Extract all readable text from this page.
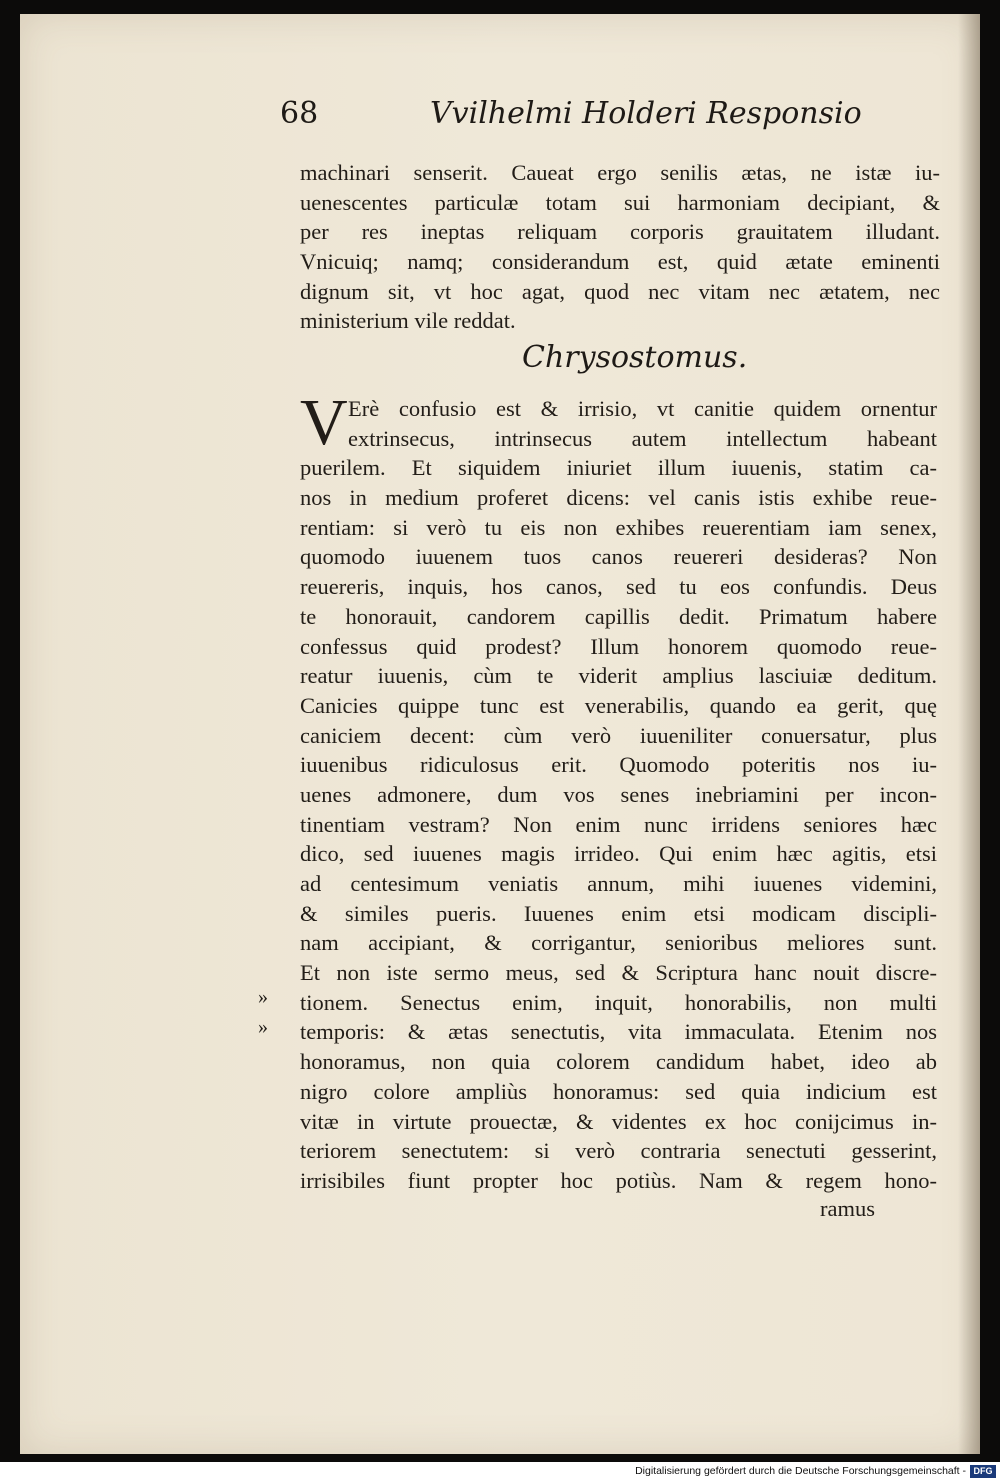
68	Vvilhelmi Holderi Responsio
machinari senserit. Caueat ergo senilis ætas, ne istæ iu-
uenescentes particulæ totam sui harmoniam decipiant, &
per res ineptas reliquam corporis grauitatem illudant.
Vnicuiq; namq; considerandum est, quid ætate eminenti
dignum sit, vt hoc agat, quod nec vitam nec ætatem, nec
ministerium vile reddat.
Chrysostomus.
V Erè confusio est & irrisio, vt canitie quidem ornentur
extrinsecus, intrinsecus autem intellectum habeant
puerilem. Et siquidem iniuriet illum iuuenis, statim ca-
nos in medium proferet dicens: vel canis istis exhibe reue-
rentiam: si verò tu eis non exhibes reuerentiam iam senex,
quomodo iuuenem tuos canos reuereri desideras? Non
reuereris, inquis, hos canos, sed tu eos confundis. Deus
te honorauit, candorem capillis dedit. Primatum habere
confessus quid prodest? Illum honorem quomodo reue-
reatur iuuenis, cùm te viderit amplius lasciuiæ deditum.
Canicies quippe tunc est venerabilis, quando ea gerit, quę
caniciem decent: cùm verò iuueniliter conuersatur, plus
iuuenibus ridiculosus erit. Quomodo poteritis nos iu-
uenes admonere, dum vos senes inebriamini per incon-
tinentiam vestram? Non enim nunc irridens seniores hæc
dico, sed iuuenes magis irrideo. Qui enim hæc agitis, etsi
ad centesimum veniatis annum, mihi iuuenes videmini,
& similes pueris. Iuuenes enim etsi modicam discipli-
nam accipiant, & corrigantur, senioribus meliores sunt.
Et non iste sermo meus, sed & Scriptura hanc nouit discre-
tionem. Senectus enim, inquit, honorabilis, non multi
temporis: & ætas senectutis, vita immaculata. Etenim nos
honoramus, non quia colorem candidum habet, ideo ab
nigro colore ampliùs honoramus: sed quia indicium est
vitæ in virtute prouectæ, & videntes ex hoc conijcimus in-
teriorem senectutem: si verò contraria senectuti gesserint,
irrisibiles fiunt propter hoc potiùs. Nam & regem hono-
»
»
ramus
Digitalisierung gefördert durch die Deutsche Forschungsgemeinschaft - DFG
